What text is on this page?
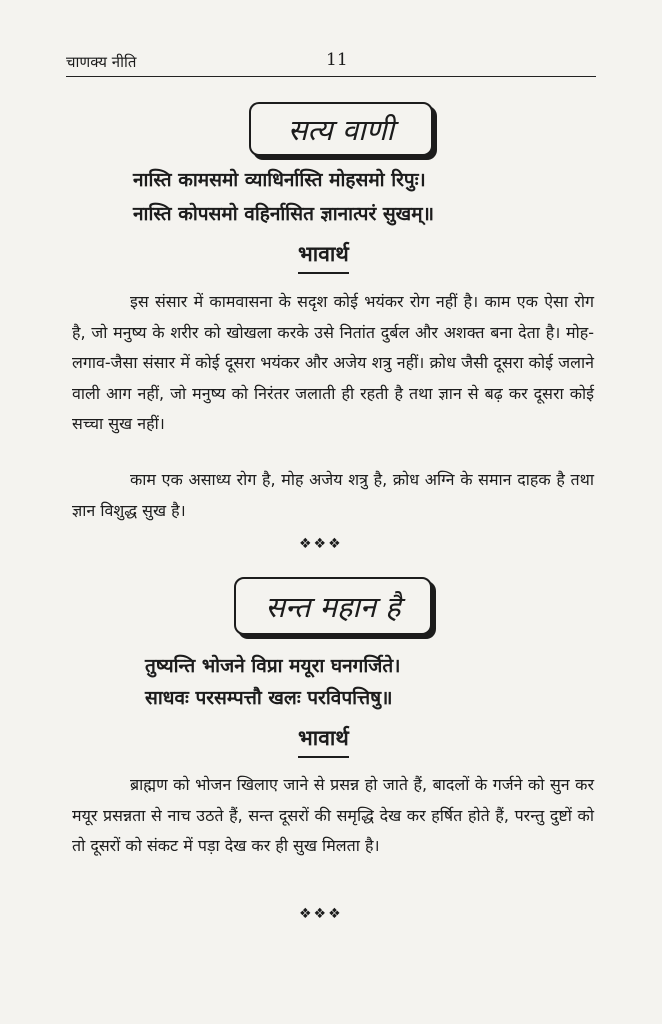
चाणक्य नीति	11
सत्य वाणी
नास्ति कामसमो व्याधिर्नास्ति मोहसमो रिपुः।
नास्ति कोपसमो वहिर्नासित ज्ञानात्परं सुखम्॥
भावार्थ

इस संसार में कामवासना के सदृश कोई भयंकर रोग नहीं है। काम एक ऐसा रोग है, जो मनुष्य के शरीर को खोखला करके उसे नितांत दुर्बल और अशक्त बना देता है। मोह-लगाव-जैसा संसार में कोई दूसरा भयंकर और अजेय शत्रु नहीं। क्रोध जैसी दूसरा कोई जलाने वाली आग नहीं, जो मनुष्य को निरंतर जलाती ही रहती है तथा ज्ञान से बढ़ कर दूसरा कोई सच्चा सुख नहीं।

काम एक असाध्य रोग है, मोह अजेय शत्रु है, क्रोध अग्नि के समान दाहक है तथा ज्ञान विशुद्ध सुख है।

❖❖❖
सन्त महान है
तुष्यन्ति भोजने विप्रा मयूरा घनगर्जिते।
साधवः परसम्पत्तौ खलः परविपत्तिषु॥
भावार्थ

ब्राह्मण को भोजन खिलाए जाने से प्रसन्न हो जाते हैं, बादलों के गर्जने को सुन कर मयूर प्रसन्नता से नाच उठते हैं, सन्त दूसरों की समृद्धि देख कर हर्षित होते हैं, परन्तु दुष्टों को तो दूसरों को संकट में पड़ा देख कर ही सुख मिलता है।

❖❖❖
